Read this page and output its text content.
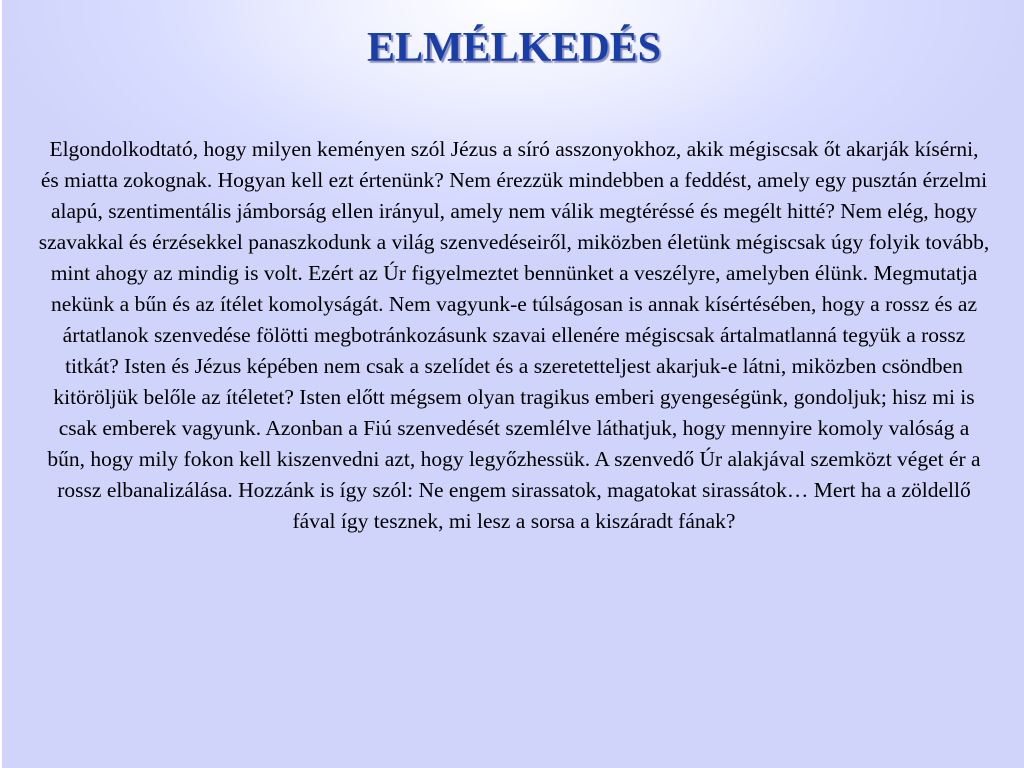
ELMÉLKEDÉS

Elgondolkodtató, hogy milyen keményen szól Jézus a síró asszonyokhoz, akik mégiscsak őt akarják kísérni, és miatta zokognak. Hogyan kell ezt értenünk? Nem érezzük mindebben a feddést, amely egy pusztán érzelmi alapú, szentimentális jámborság ellen irányul, amely nem válik megtéréssé és megélt hitté? Nem elég, hogy szavakkal és érzésekkel panaszkodunk a világ szenvedéseiről, miközben életünk mégiscsak úgy folyik tovább, mint ahogy az mindig is volt. Ezért az Úr figyelmeztet bennünket a veszélyre, amelyben élünk. Megmutatja nekünk a bűn és az ítélet komolyságát. Nem vagyunk-e túlságosan is annak kísértésében, hogy a rossz és az ártatlanok szenvedése fölötti megbotránkozásunk szavai ellenére mégiscsak ártalmatlanná tegyük a rossz titkát? Isten és Jézus képében nem csak a szelídet és a szeretetteljest akarjuk-e látni, miközben csöndben kitöröljük belőle az ítéletet? Isten előtt mégsem olyan tragikus emberi gyengeségünk, gondoljuk; hisz mi is csak emberek vagyunk. Azonban a Fiú szenvedését szemlélve láthatjuk, hogy mennyire komoly valóság a bűn, hogy mily fokon kell kiszenvedni azt, hogy legyőzhessük. A szenvedő Úr alakjával szemközt véget ér a rossz elbanalizálása. Hozzánk is így szól: Ne engem sirassatok, magatokat sirassátok… Mert ha a zöldellő fával így tesznek, mi lesz a sorsa a kiszáradt fának?
